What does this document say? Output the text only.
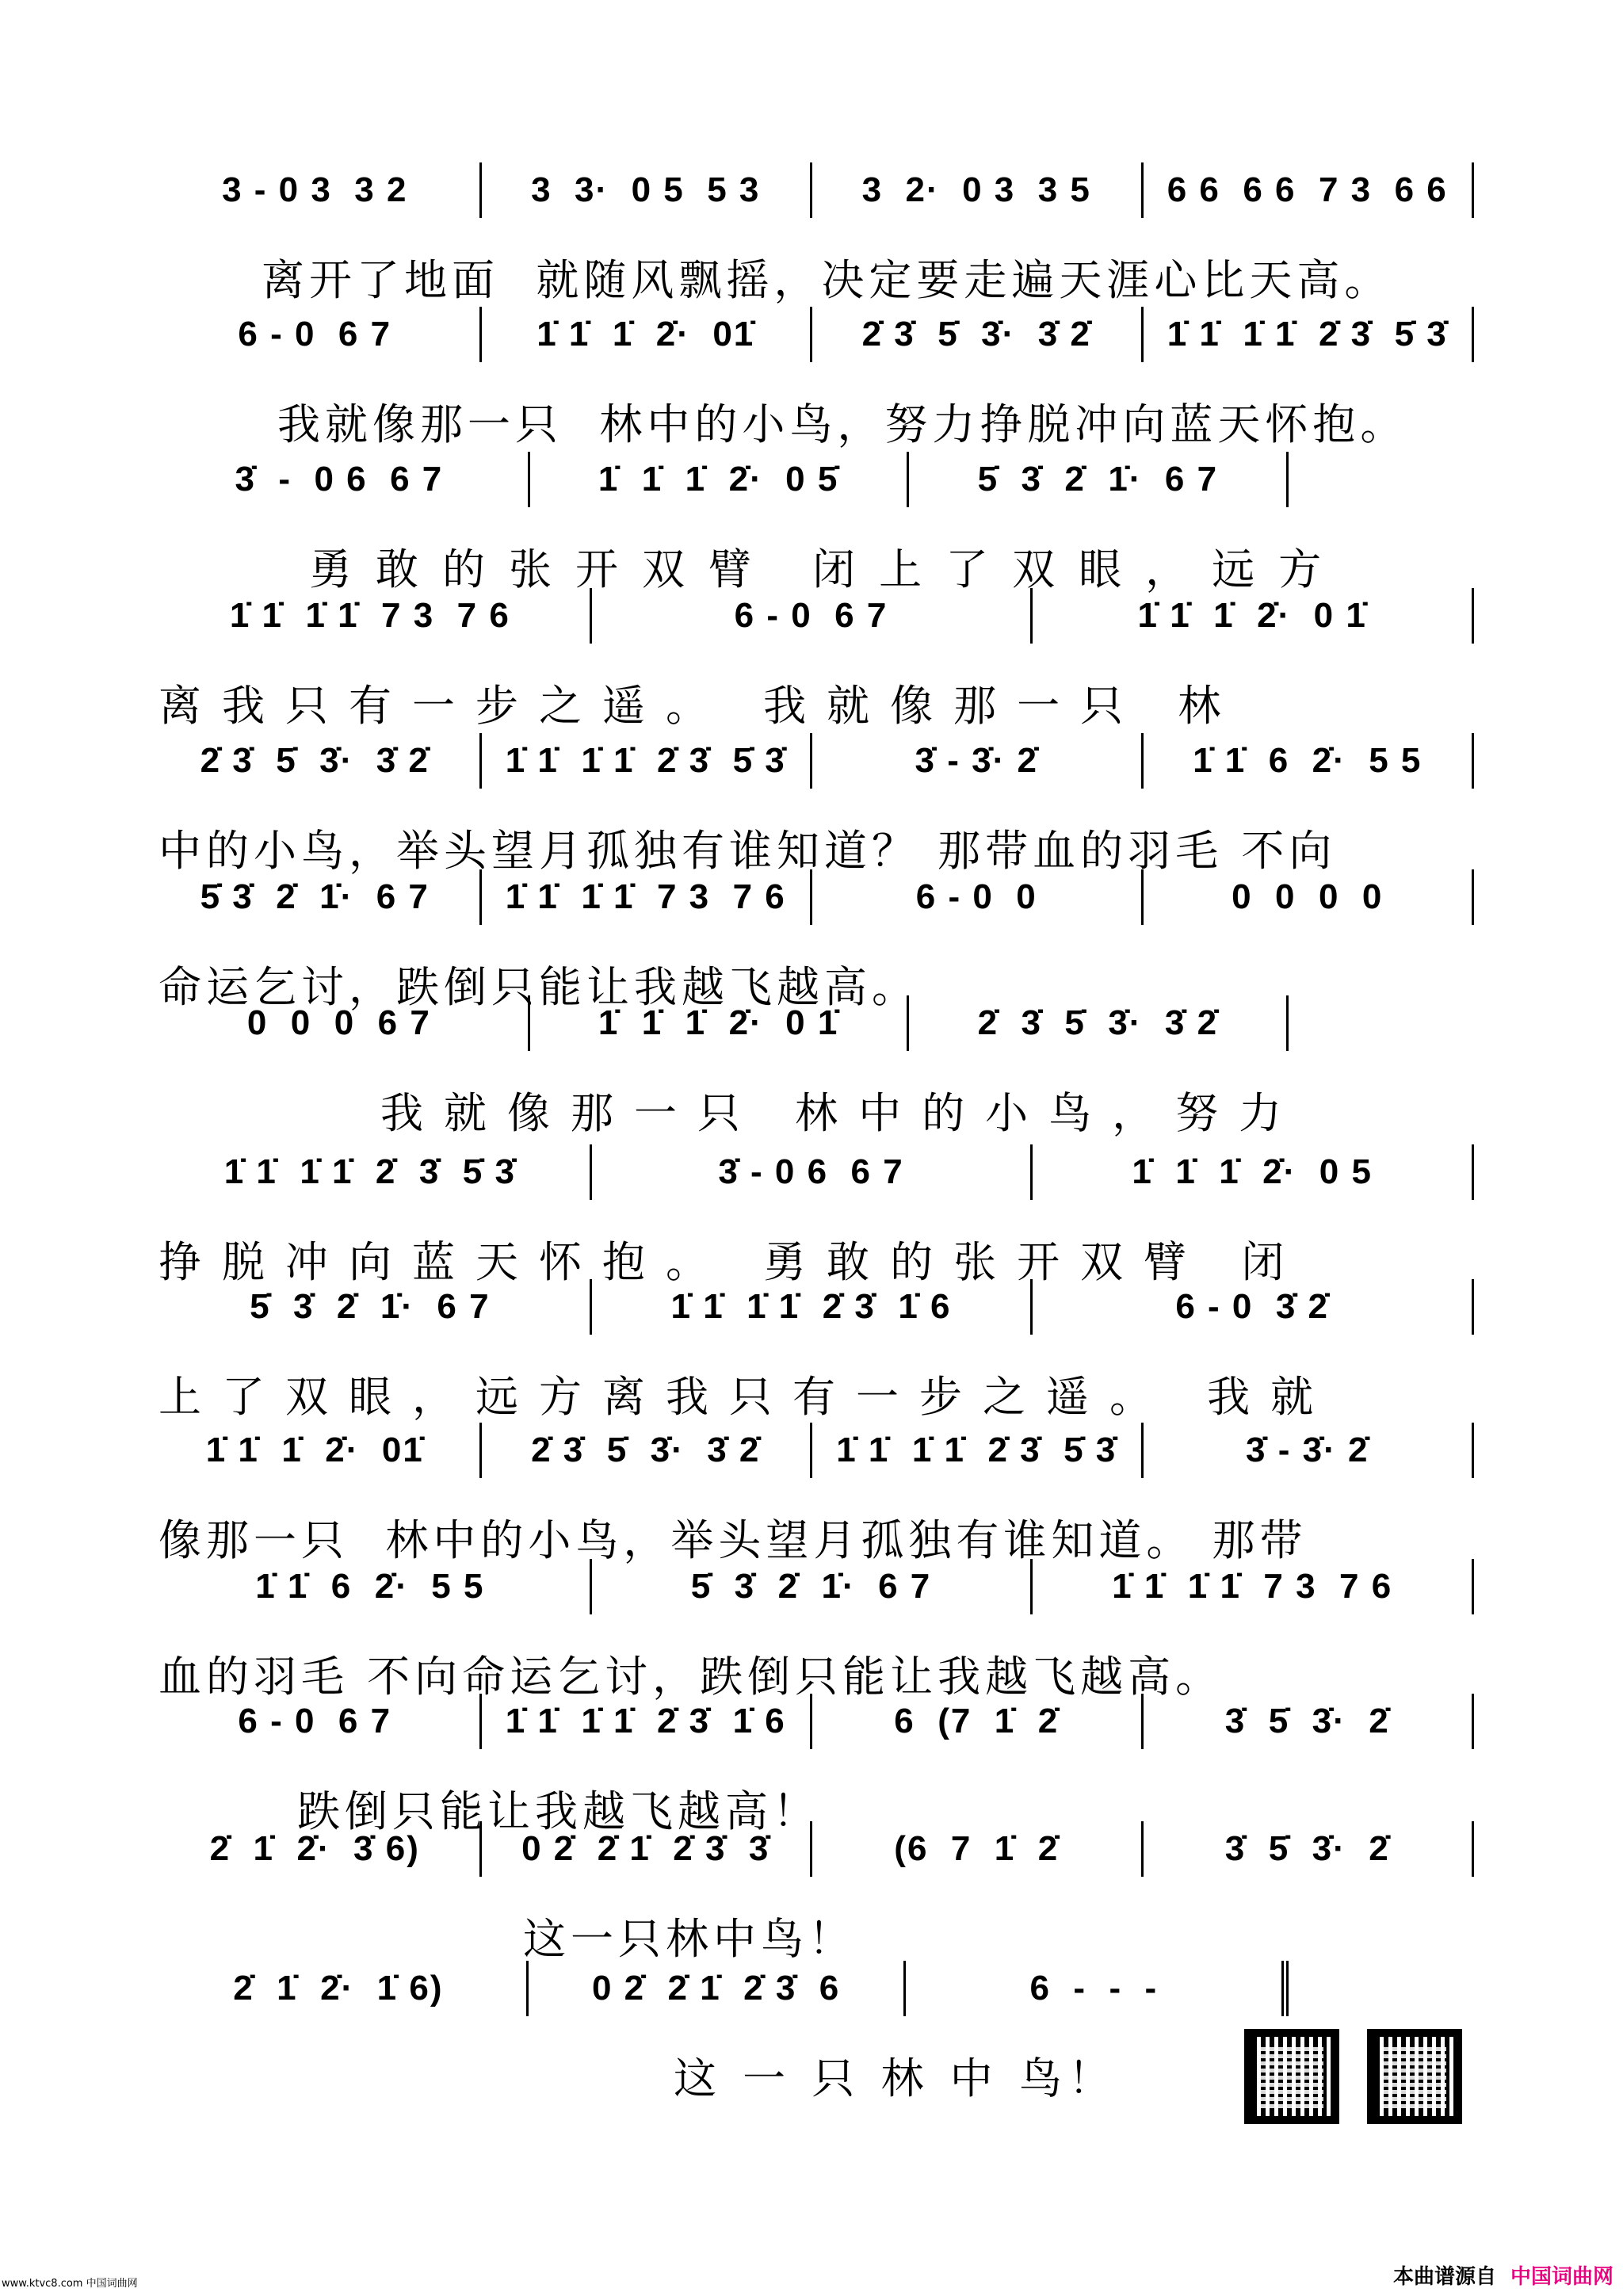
3 - 0 3  3 2	3  3·  0 5  5 3	3  2·  0 3  3 5	6 6  6 6  7 3  6 6
离开了地面  就随风飘摇，决定要走遍天涯心比天高。
6 - 0  6 7	1̇ 1̇  1̇  2̇·  01̇	2̇ 3̇  5̇  3̇·  3̇ 2̇	1̇ 1̇  1̇ 1̇  2̇ 3̇  5̇ 3̇
我就像那一只  林中的小鸟，努力挣脱冲向蓝天怀抱。
3̇  -  0 6  6 7	1̇  1̇  1̇  2̇·  0 5̇	5̇  3̇  2̇  1̇·  6 7
勇敢的张开双臂 闭上了双眼，远方
1̇ 1̇  1̇ 1̇  7 3  7 6	6 - 0  6 7	1̇ 1̇  1̇  2̇·  0 1̇
离我只有一步之遥。 我就像那一只 林
2̇ 3̇  5̇  3̇·  3̇ 2̇	1̇ 1̇  1̇ 1̇  2̇ 3̇  5̇ 3̇	3̇ - 3̇· 2̇	1̇ 1̇  6  2̇·  5 5
中的小鸟，举头望月孤独有谁知道？ 那带血的羽毛 不向
5̇ 3̇  2̇  1̇·  6 7	1̇ 1̇  1̇ 1̇  7 3  7 6	6 - 0  0	0  0  0  0
命运乞讨，跌倒只能让我越飞越高。
0  0  0  6 7	1̇  1̇  1̇  2̇·  0 1̇	2̇  3̇  5̇  3̇·  3̇ 2̇
我就像那一只 林中的小鸟，努力
1̇ 1̇  1̇ 1̇  2̇  3̇  5̇ 3̇	3̇ - 0 6  6 7	1̇  1̇  1̇  2̇·  0 5
挣脱冲向蓝天怀抱。 勇敢的张开双臂 闭
5̇  3̇  2̇  1̇·  6 7	1̇ 1̇  1̇ 1̇  2̇ 3̇  1̇ 6	6 - 0  3̇ 2̇
上了双眼，远方离我只有一步之遥。 我就
1̇ 1̇  1̇  2̇·  01̇	2̇ 3̇  5̇  3̇·  3̇ 2̇	1̇ 1̇  1̇ 1̇  2̇ 3̇  5̇ 3̇	3̇ - 3̇· 2̇
像那一只  林中的小鸟，举头望月孤独有谁知道。 那带
1̇ 1̇  6  2̇·  5 5	5̇  3̇  2̇  1̇·  6 7	1̇ 1̇  1̇ 1̇  7 3  7 6
血的羽毛 不向命运乞讨，跌倒只能让我越飞越高。
6 - 0  6 7	1̇ 1̇  1̇ 1̇  2̇ 3̇  1̇ 6	6  (7  1̇  2̇	3̇  5̇  3̇·  2̇
跌倒只能让我越飞越高！
2̇  1̇  2̇·  3̇ 6)	0 2̇  2̇ 1̇  2̇ 3̇  3̇	(6  7  1̇  2̇	3̇  5̇  3̇·  2̇
这一只林中鸟！
2̇  1̇  2̇·  1̇ 6)	0 2̇  2̇ 1̇  2̇ 3̇  6	6  -  -  -
这 一 只 林 中 鸟！
www.ktvc8.com 中国词曲网	本曲谱源自 中国词曲网
